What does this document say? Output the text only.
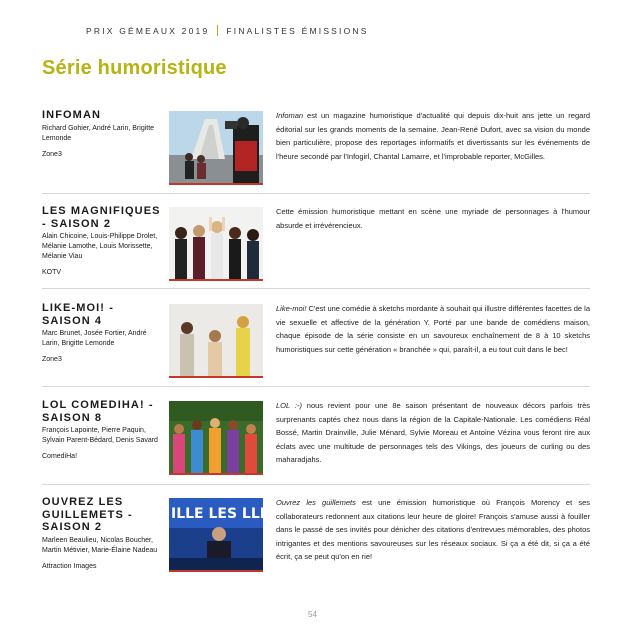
PRIX GÉMEAUX 2019 FINALISTES ÉMISSIONS
Série humoristique
INFOMAN
Richard Gohier, André Larin, Brigitte Lemonde
Zone3
Infoman est un magazine humoristique d'actualité qui depuis dix-huit ans jette un regard éditorial sur les grands moments de la semaine. Jean-René Dufort, avec sa vision du monde bien particulière, propose des reportages informatifs et divertissants sur les événements de l'heure secondé par l'Infogirl, Chantal Lamarre, et l'improbable reporter, McGilles.
LES MAGNIFIQUES - SAISON 2
Alain Chicoine, Louis-Philippe Drolet, Mélanie Lamothe, Louis Morissette, Mélanie Viau
KOTV
Cette émission humoristique mettant en scène une myriade de personnages à l'humour absurde et irrévérencieux.
LIKE-MOI! - SAISON 4
Marc Brunet, Josée Fortier, André Larin, Brigitte Lemonde
Zone3
Like-moi! C'est une comédie à sketchs mordante à souhait qui illustre différentes facettes de la vie sexuelle et affective de la génération Y. Porté par une bande de comédiens maison, chaque épisode de la série consiste en un savoureux enchaînement de 8 à 10 sketchs humoristiques sur cette génération « branchée » qui, paraît-il, a eu tout cuit dans le bec!
LOL COMEDIHA! - SAISON 8
François Lapointe, Pierre Paquin, Sylvain Parent-Bédard, Denis Savard
ComediHa!
LOL :-) nous revient pour une 8e saison présentant de nouveaux décors parfois très surprenants captés chez nous dans la région de la Capitale-Nationale. Les comédiens Réal Bossé, Martin Drainville, Julie Ménard, Sylvie Moreau et Antoine Vézina vous feront rire aux éclats avec une multitude de personnages tels des Vikings, des joueurs de curling ou des maharadjahs.
OUVREZ LES GUILLEMETS - SAISON 2
Marleen Beaulieu, Nicolas Boucher, Martin Métivier, Marie-Élaine Nadeau
Attraction Images
ILLE LES LLEMETS
Ouvrez les guillemets est une émission humoristique où François Morency et ses collaborateurs redonnent aux citations leur heure de gloire! François s'amuse aussi à fouiller dans le passé de ses invités pour dénicher des citations d'entrevues mémorables, des photos intrigantes et des mentions savoureuses sur les réseaux sociaux. Si ça a été dit, si ça a été écrit, ça se peut qu'on en rie!
54
